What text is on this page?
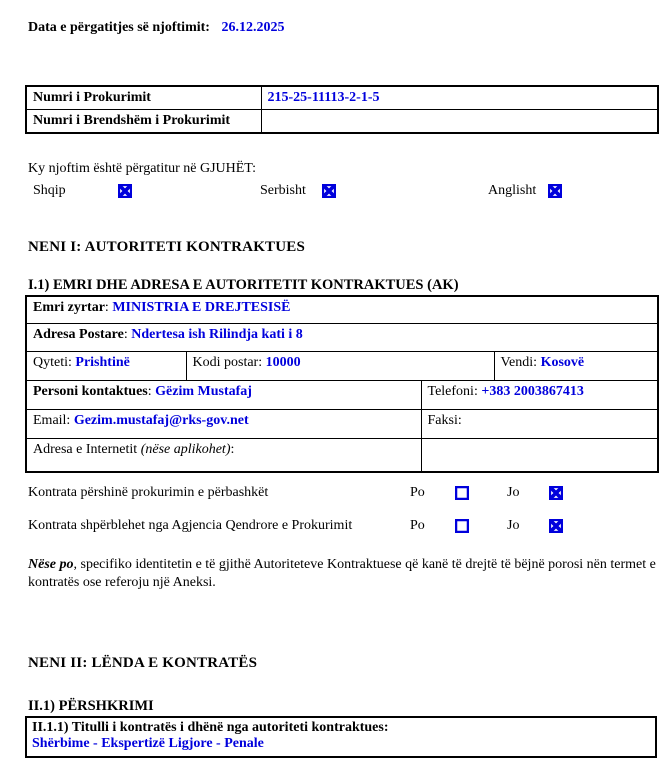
Data e përgatitjes së njoftimit: 26.12.2025
Numri i Prokurimit	215-25-11113-2-1-5
Numri i Brendshëm i Prokurimit	
Ky njoftim është përgatitur në GJUHËT:
Shqip	Serbisht	Anglisht
NENI I: AUTORITETI KONTRAKTUES
I.1) EMRI DHE ADRESA E AUTORITETIT KONTRAKTUES (AK)
Emri zyrtar: MINISTRIA E DREJTESISË			
Adresa Postare: Ndertesa ish Rilindja kati i 8			
Qyteti: Prishtinë	Kodi postar: 10000		Vendi: Kosovë
Personi kontaktues: Gëzim Mustafaj		Telefoni: +383 2003867413	
Email: Gezim.mustafaj@rks-gov.net		Faksi:	
Adresa e Internetit (nëse aplikohet):			
Kontrata përshinë prokurimin e përbashkët	Po	Jo
Kontrata shpërblehet nga Agjencia Qendrore e Prokurimit	Po	Jo
Nëse po, specifiko identitetin e të gjithë Autoriteteve Kontraktuese që kanë të drejtë të bëjnë porosi nën termet e kontratës ose referoju një Aneksi.
NENI II: LËNDA E KONTRATËS
II.1) PËRSHKRIMI
II.1.1) Titulli i kontratës i dhënë nga autoriteti kontraktues:
Shërbime - Ekspertizë Ligjore - Penale
